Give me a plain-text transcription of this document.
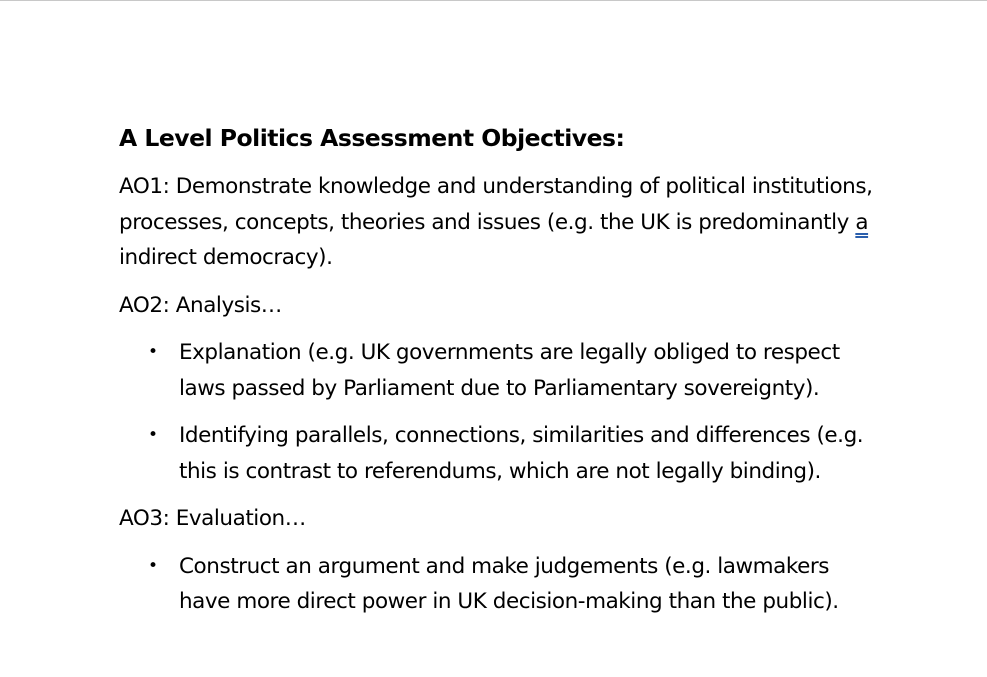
A Level Politics Assessment Objectives:

AO1: Demonstrate knowledge and understanding of political institutions, processes, concepts, theories and issues (e.g. the UK is predominantly a indirect democracy).

AO2: Analysis…

• Explanation (e.g. UK governments are legally obliged to respect laws passed by Parliament due to Parliamentary sovereignty).
• Identifying parallels, connections, similarities and differences (e.g. this is contrast to referendums, which are not legally binding).

AO3: Evaluation…

• Construct an argument and make judgements (e.g. lawmakers have more direct power in UK decision-making than the public).
